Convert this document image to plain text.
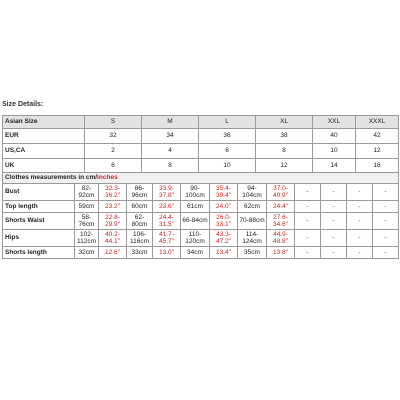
Size Details:
Asian Size	S	M	L	XL	XXL	XXXL
EUR	32	34	36	38	40	42
US,CA	2	4	6	8	10	12
UK	6	8	10	12	14	16
Clothes measurements in cm/inches												
Bust	82-​92cm	32.3-​36.2"	86-​96cm	33.9-​37.8"	90-​100cm	35.4-​39.4"	94-​104cm	37.0-​40.9"	-	-	-	-
Top length	59cm	23.2"	60cm	23.6"	61cm	24.0"	62cm	24.4"	-	-	-	-
Shorts Waist	58-​76cm	22.8-​29.9"	62-​80cm	24.4-​31.5"	66-​84cm	26.0-​33.1"	70-​88cm	27.6-​34.6"	-	-	-	-
Hips	102-​112cm	40.2-​44.1"	106-​116cm	41.7-​45.7"	110-​120cm	43.3-​47.2"	114-​124cm	44.9-​48.8"	-	-	-	-
Shorts length	32cm	12.6"	33cm	13.0"	34cm	13.4"	35cm	13.8"	-	-	-	-
